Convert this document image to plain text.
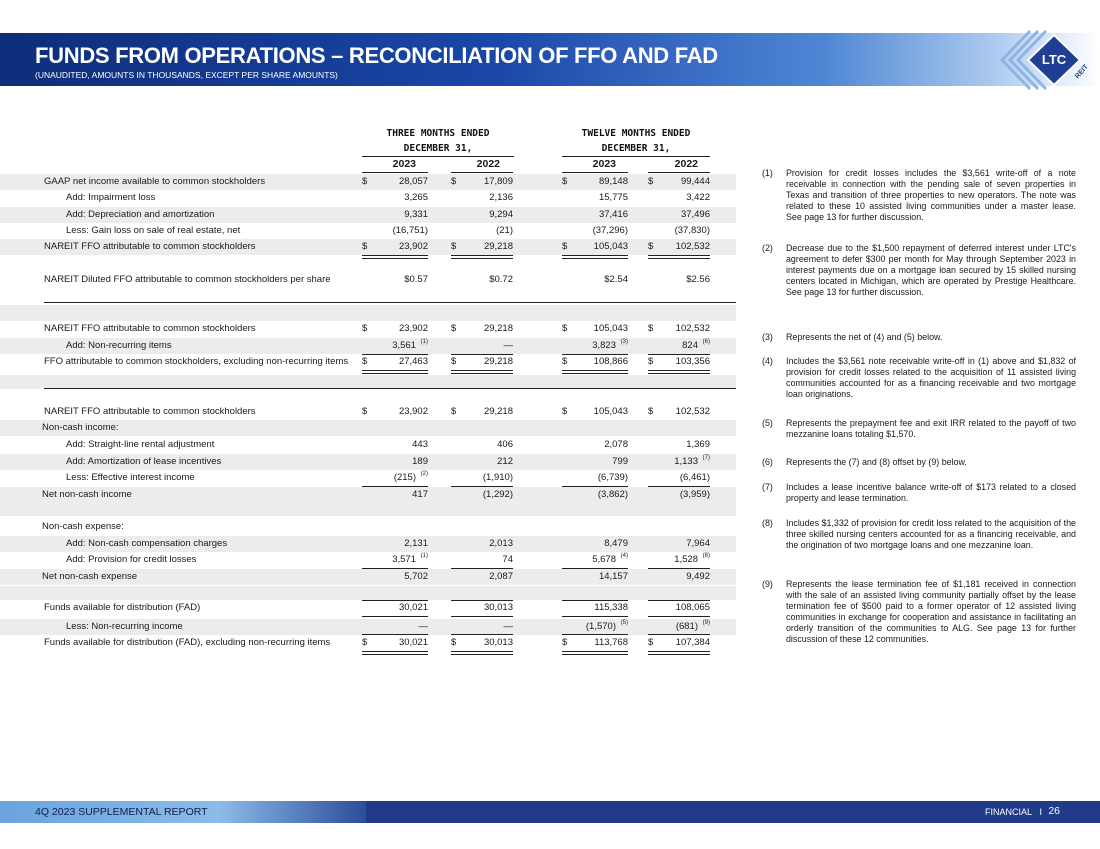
FUNDS FROM OPERATIONS – RECONCILIATION OF FFO AND FAD
(UNAUDITED, AMOUNTS IN THOUSANDS, EXCEPT PER SHARE AMOUNTS)
LTC
REIT
THREE MONTHS ENDED
DECEMBER 31,
TWELVE MONTHS ENDED
DECEMBER 31,
2023	2022	2023	2022
GAAP net income available to common stockholders	$	28,057 $	17,809	$	89,148 $	99,444
Add: Impairment loss	3,265	2,136	15,775	3,422
Add: Depreciation and amortization	9,331	9,294	37,416	37,496
Less: Gain loss on sale of real estate, net	(16,751)	(21)	(37,296)	(37,830)
NAREIT FFO attributable to common stockholders	$	23,902 $	29,218	$	105,043 $ 102,532
NAREIT Diluted FFO attributable to common stockholders per share	$0.57	$0.72	$2.54	$2.56
NAREIT FFO attributable to common stockholders	$	23,902 $	29,218	$	105,043 $ 102,532
Add: Non-recurring items	3,561 (1)	—	3,823 (3)	824 (6)
FFO attributable to common stockholders, excluding non-recurring items $	27,463 $	29,218	$	108,866 $ 103,356
NAREIT FFO attributable to common stockholders	$	23,902 $	29,218	$	105,043 $ 102,532
Non-cash income:
Add: Straight-line rental adjustment	443	406	2,078	1,369
Add: Amortization of lease incentives	189	212	799	1,133 (7)
Less: Effective interest income	(215) (2)	(1,910)	(6,739)	(6,461)
Net non-cash income	417	(1,292)	(3,862)	(3,959)
Non-cash expense:
Add: Non-cash compensation charges	2,131	2,013	8,479	7,964
Add: Provision for credit losses	3,571 (1)	74	5,678 (4)	1,528 (8)
Net non-cash expense	5,702	2,087	14,157	9,492
Funds available for distribution (FAD)	30,021	30,013	115,338	108,065
Less: Non-recurring income	—	—	(1,570) (5)	(681) (9)
Funds available for distribution (FAD), excluding non-recurring items	$	30,021 $	30,013	$	113,768 $ 107,384
(1) Provision for credit losses includes the $3,561 write-off of a note receivable in connection with the pending sale of seven properties in Texas and transition of three properties to new operators. The note was related to these 10 assisted living communities under a master lease. See page 13 for further discussion.
(2) Decrease due to the $1,500 repayment of deferred interest under LTC's agreement to defer $300 per month for May through September 2023 in interest payments due on a mortgage loan secured by 15 skilled nursing centers located in Michigan, which are operated by Prestige Healthcare. See page 13 for further discussion.
(3) Represents the net of (4) and (5) below.
(4) Includes the $3,561 note receivable write-off in (1) above and $1,832 of provision for credit losses related to the acquisition of 11 assisted living communities accounted for as a financing receivable and two mortgage loan originations.
(5) Represents the prepayment fee and exit IRR related to the payoff of two mezzanine loans totaling $1,570.
(6) Represents the (7) and (8) offset by (9) below.
(7) Includes a lease incentive balance write-off of $173 related to a closed property and lease termination.
(8) Includes $1,332 of provision for credit loss related to the acquisition of the three skilled nursing centers accounted for as a financing receivable, and the origination of two mortgage loans and one mezzanine loan.
(9) Represents the lease termination fee of $1,181 received in connection with the sale of an assisted living community partially offset by the lease termination fee of $500 paid to a former operator of 12 assisted living communities in exchange for cooperation and assistance in facilitating an orderly transition of the communities to ALG. See page 13 for further discussion of these 12 communities.
4Q 2023 SUPPLEMENTAL REPORT	FINANCIAL I 26
